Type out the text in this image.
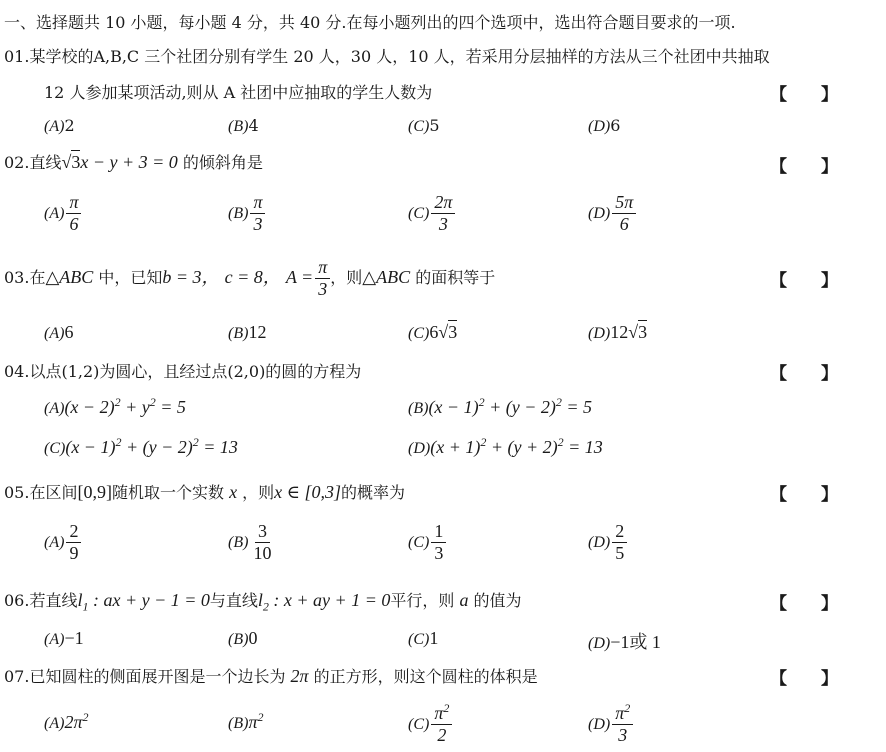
一、选择题共 10 小题，每小题 4 分，共 40 分.在每小题列出的四个选项中，选出符合题目要求的一项.
01.某学校的A,B,C 三个社团分别有学生 20 人，30 人，10 人，若采用分层抽样的方法从三个社团中共抽取
12 人参加某项活动,则从 A 社团中应抽取的学生人数为	【　　】
(A)2	(B)4	(C)5	(D)6
02.直线√3x − y + 3 = 0 的倾斜角是	【　　】
$(A) \frac{\pi}{6}$	$(B) \frac{\pi}{3}$	$(C) \frac{2\pi}{3}$	$(D) \frac{5\pi}{6}$
03.在△ABC 中，已知b = 3， c = 8， $A = \frac{\pi}{3}$ ，则△ABC 的面积等于	【　　】
(A)6	(B)12	(C)6√3	(D)12√3
04.以点(1,2)为圆心，且经过点(2,0)的圆的方程为	【　　】
$(A)(x - 2)^2 + y^2 = 5$	$(B)(x - 1)^2 + (y - 2)^2 = 5$
$(C)(x - 1)^2 + (y - 2)^2 = 13$	$(D)(x + 1)^2 + (y + 2)^2 = 13$
05.在区间[0,9]随机取一个实数 x ，则x ∈ [0,3]的概率为	【　　】
$(A) \frac{2}{9}$	$(B) \frac{3}{10}$	$(C) \frac{1}{3}$	$(D) \frac{2}{5}$
06.若直线$l_1$ : ax + y − 1 = 0与直线$l_2$ : x + ay + 1 = 0平行，则 a 的值为	【　　】
(A)−1	(B)0	(C)1	(D)−1或 1
07.已知圆柱的侧面展开图是一个边长为 2π 的正方形，则这个圆柱的体积是	【　　】
$(A)2\pi^2$	$(B)\pi^2$	$(C) \frac{\pi^2}{2}$	$(D) \frac{\pi^2}{3}$
